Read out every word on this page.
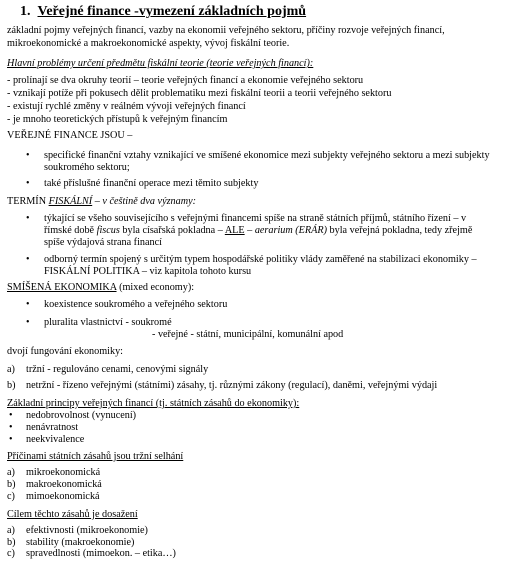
1. Veřejné finance -vymezení základních pojmů
základní pojmy veřejných financí, vazby na ekonomii veřejného sektoru, příčiny rozvoje veřejných financí,
mikroekonomické a makroekonomické aspekty, vývoj fiskální teorie.
Hlavní problémy určení předmětu fiskální teorie (teorie veřejných financí):
- prolínají se dva okruhy teorií – teorie veřejných financí a ekonomie veřejného sektoru
- vznikají potíže při pokusech dělit problematiku mezi fiskální teorii a teorii veřejného sektoru
- existují rychlé změny v reálném vývoji veřejných financí
- je mnoho teoretických přístupů k veřejným financím
VEŘEJNÉ FINANCE JSOU –
• specifické finanční vztahy vznikající ve smíšené ekonomice mezi subjekty veřejného sektoru a mezi subjekty
soukromého sektoru;
• také příslušné finanční operace mezi těmito subjekty
TERMÍN FISKÁLNÍ – v češtině dva významy:
• týkající se všeho souvisejícího s veřejnými financemi spíše na straně státních příjmů, státního řízení – v
římské době fiscus byla císařská pokladna – ALE – aerarium (ERÁR) byla veřejná pokladna, tedy zřejmě
spíše výdajová strana financí
• odborný termín spojený s určitým typem hospodářské politiky vlády zaměřené na stabilizaci ekonomiky –
FISKÁLNÍ POLITIKA – viz kapitola tohoto kursu
SMÍŠENÁ EKONOMIKA (mixed economy):
• koexistence soukromého a veřejného sektoru
• pluralita vlastnictví - soukromé
- veřejné - státní, municipální, komunální apod
dvojí fungování ekonomiky:
a) tržní - regulováno cenami, cenovými signály
b) netržní - řízeno veřejnými (státními) zásahy, tj. různými zákony (regulací), daněmi, veřejnými výdaji
Základní principy veřejných financí (tj. státních zásahů do ekonomiky):
• nedobrovolnost (vynucení)
• nenávratnost
• neekvivalence
Příčinami státních zásahů jsou tržní selhání
a) mikroekonomická
b) makroekonomická
c) mimoekonomická
Cílem těchto zásahů je dosažení
a) efektivnosti (mikroekonomie)
b) stability (makroekonomie)
c) spravedlnosti (mimoekon. – etika…)
